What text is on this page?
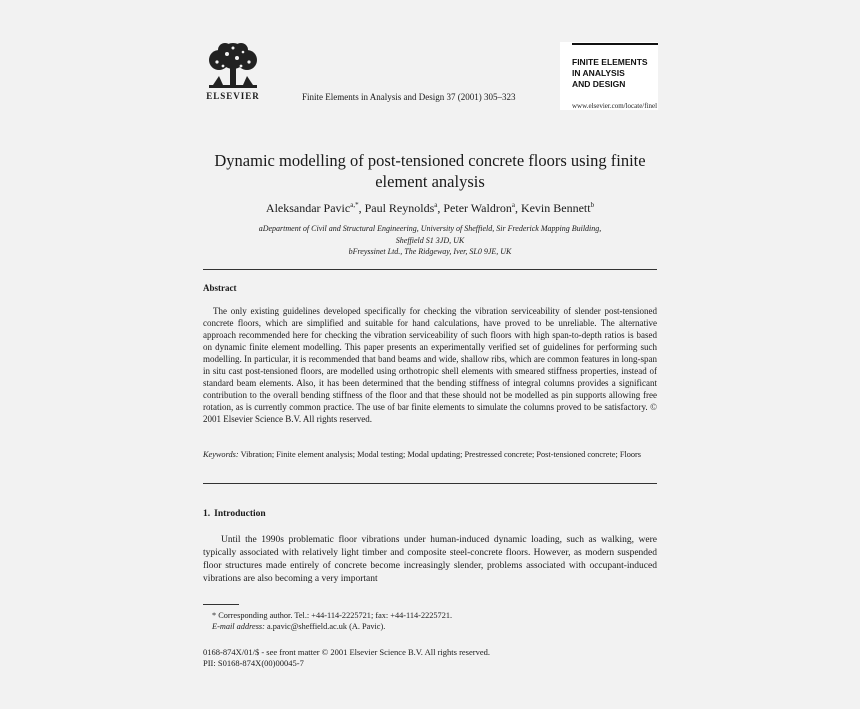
ELSEVIER	Finite Elements in Analysis and Design 37 (2001) 305–323
FINITE ELEMENTS
IN ANALYSIS
AND DESIGN
www.elsevier.com/locate/finel
Dynamic modelling of post-tensioned concrete floors using finite element analysis
Aleksandar Pavic$^{a,*}$, Paul Reynolds$^a$, Peter Waldron$^a$, Kevin Bennett$^b$
aDepartment of Civil and Structural Engineering, University of Sheffield, Sir Frederick Mapping Building,
Sheffield S1 3JD, UK
bFreyssinet Ltd., The Ridgeway, Iver, SL0 9JE, UK
Abstract
The only existing guidelines developed specifically for checking the vibration serviceability of slender post-tensioned concrete floors, which are simplified and suitable for hand calculations, have proved to be unreliable. The alternative approach recommended here for checking the vibration serviceability of such floors with high span-to-depth ratios is based on dynamic finite element modelling. This paper presents an experimentally verified set of guidelines for performing such modelling. In particular, it is recommended that band beams and wide, shallow ribs, which are common features in long-span in situ cast post-tensioned floors, are modelled using orthotropic shell elements with smeared stiffness properties, instead of standard beam elements. Also, it has been determined that the bending stiffness of integral columns provides a significant contribution to the overall bending stiffness of the floor and that these should not be modelled as pin supports allowing free rotation, as is currently common practice. The use of bar finite elements to simulate the columns proved to be satisfactory. © 2001 Elsevier Science B.V. All rights reserved.
Keywords: Vibration; Finite element analysis; Modal testing; Modal updating; Prestressed concrete; Post-tensioned concrete; Floors
1. Introduction
Until the 1990s problematic floor vibrations under human-induced dynamic loading, such as walking, were typically associated with relatively light timber and composite steel-concrete floors. However, as modern suspended floor structures made entirely of concrete become increasingly slender, problems associated with occupant-induced vibrations are also becoming a very important
* Corresponding author. Tel.: +44-114-2225721; fax: +44-114-2225721.
E-mail address: a.pavic@sheffield.ac.uk (A. Pavic).
0168-874X/01/$ - see front matter © 2001 Elsevier Science B.V. All rights reserved.
PII: S0168-874X(00)00045-7
